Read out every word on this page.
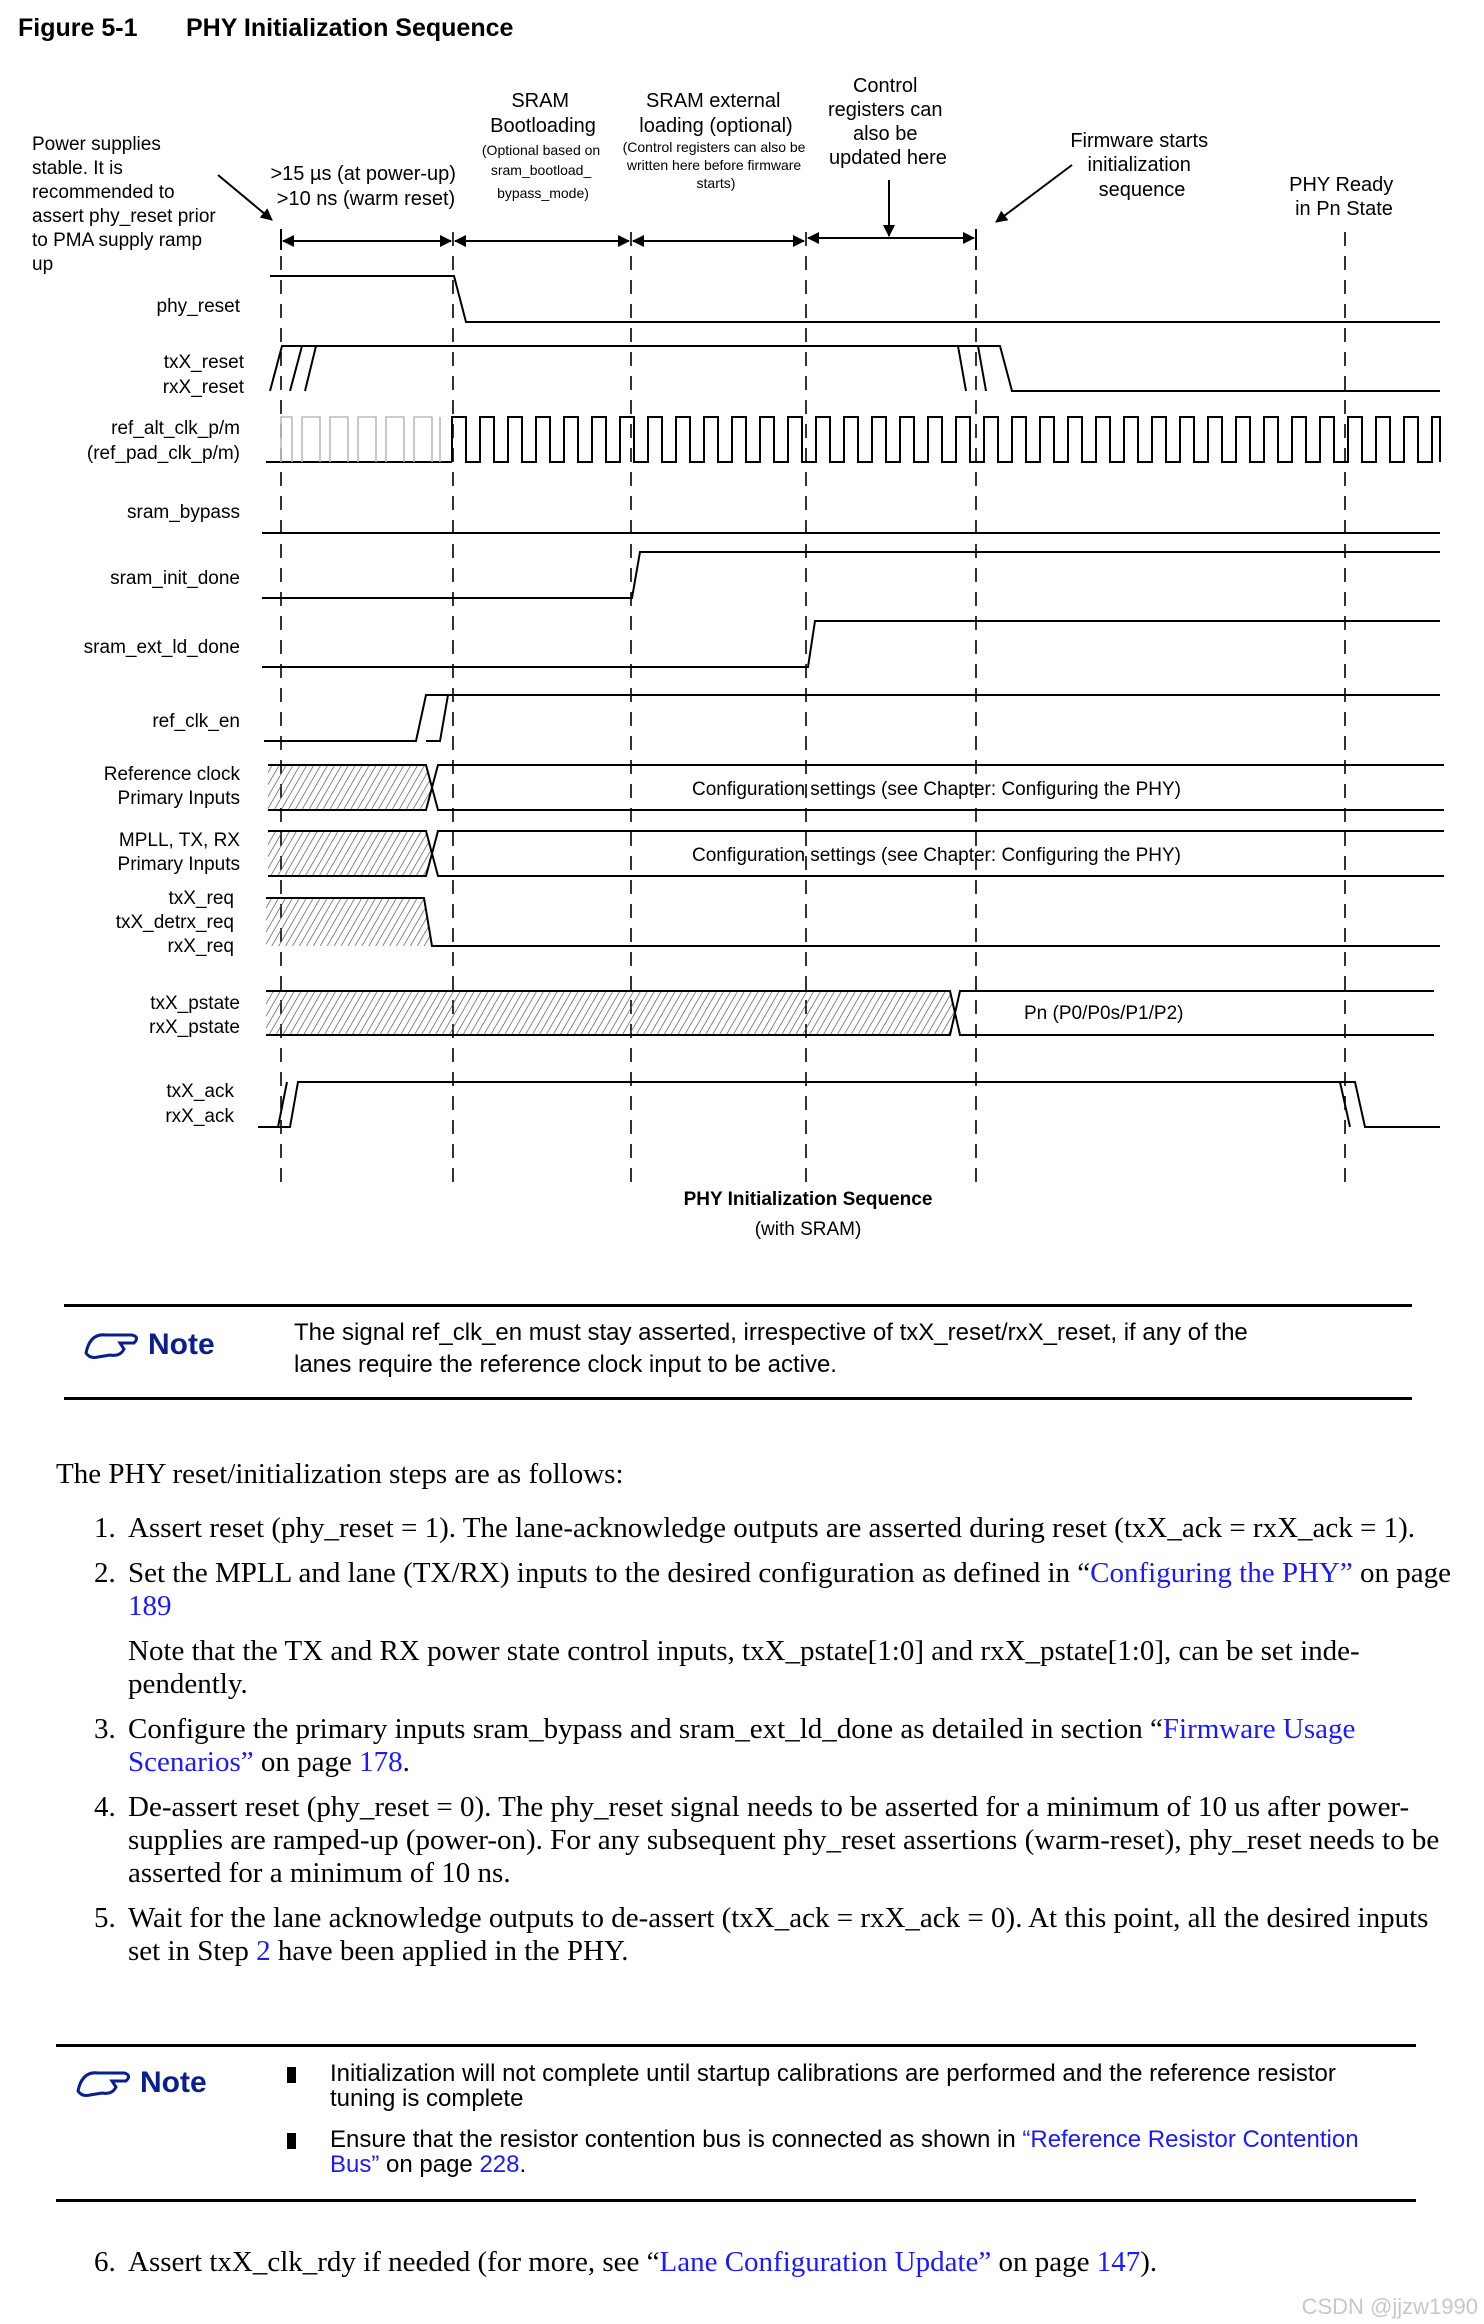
Figure 5-1 PHY Initialization Sequence
Power supplies stable. It is recommended to assert phy_reset prior to PMA supply ramp up
>15 µs (at power-up) >10 ns (warm reset)
SRAM Bootloading
(Optional based on sram_bootload_ bypass_mode)
SRAM external loading (optional)
(Control registers can also be written here before firmware starts)
Control registers can also be updated here
Firmware starts initialization sequence	PHY Ready in Pn State
phy_reset
txX_reset rxX_reset
ref_alt_clk_p/m (ref_pad_clk_p/m)
sram_bypass
sram_init_done
sram_ext_ld_done
ref_clk_en
Reference clock Primary Inputs
MPLL, TX, RX Primary Inputs
txX_req txX_detrx_req rxX_req
txX_pstate rxX_pstate
txX_ack rxX_ack
Configuration settings (see Chapter: Configuring the PHY)
Configuration settings (see Chapter: Configuring the PHY)
Pn (P0/P0s/P1/P2)
PHY Initialization Sequence
(with SRAM)
Note	The signal ref_clk_en must stay asserted, irrespective of txX_reset/rxX_reset, if any of the
lanes require the reference clock input to be active.
The PHY reset/initialization steps are as follows:
1. Assert reset (phy_reset = 1). The lane-acknowledge outputs are asserted during reset (txX_ack = rxX_ack = 1).
2. Set the MPLL and lane (TX/RX) inputs to the desired configuration as defined in “Configuring the PHY” on page 189
Note that the TX and RX power state control inputs, txX_pstate[1:0] and rxX_pstate[1:0], can be set inde-pendently.
3. Configure the primary inputs sram_bypass and sram_ext_ld_done as detailed in section “Firmware Usage Scenarios” on page 178.
4. De-assert reset (phy_reset = 0). The phy_reset signal needs to be asserted for a minimum of 10 us after power-supplies are ramped-up (power-on). For any subsequent phy_reset assertions (warm-reset), phy_reset needs to be asserted for a minimum of 10 ns.
5. Wait for the lane acknowledge outputs to de-assert (txX_ack = rxX_ack = 0). At this point, all the desired inputs set in Step 2 have been applied in the PHY.
Note	Initialization will not complete until startup calibrations are performed and the reference resistor tuning is complete
Ensure that the resistor contention bus is connected as shown in “Reference Resistor Contention Bus” on page 228.
6. Assert txX_clk_rdy if needed (for more, see “Lane Configuration Update” on page 147).
CSDN @jjzw1990
